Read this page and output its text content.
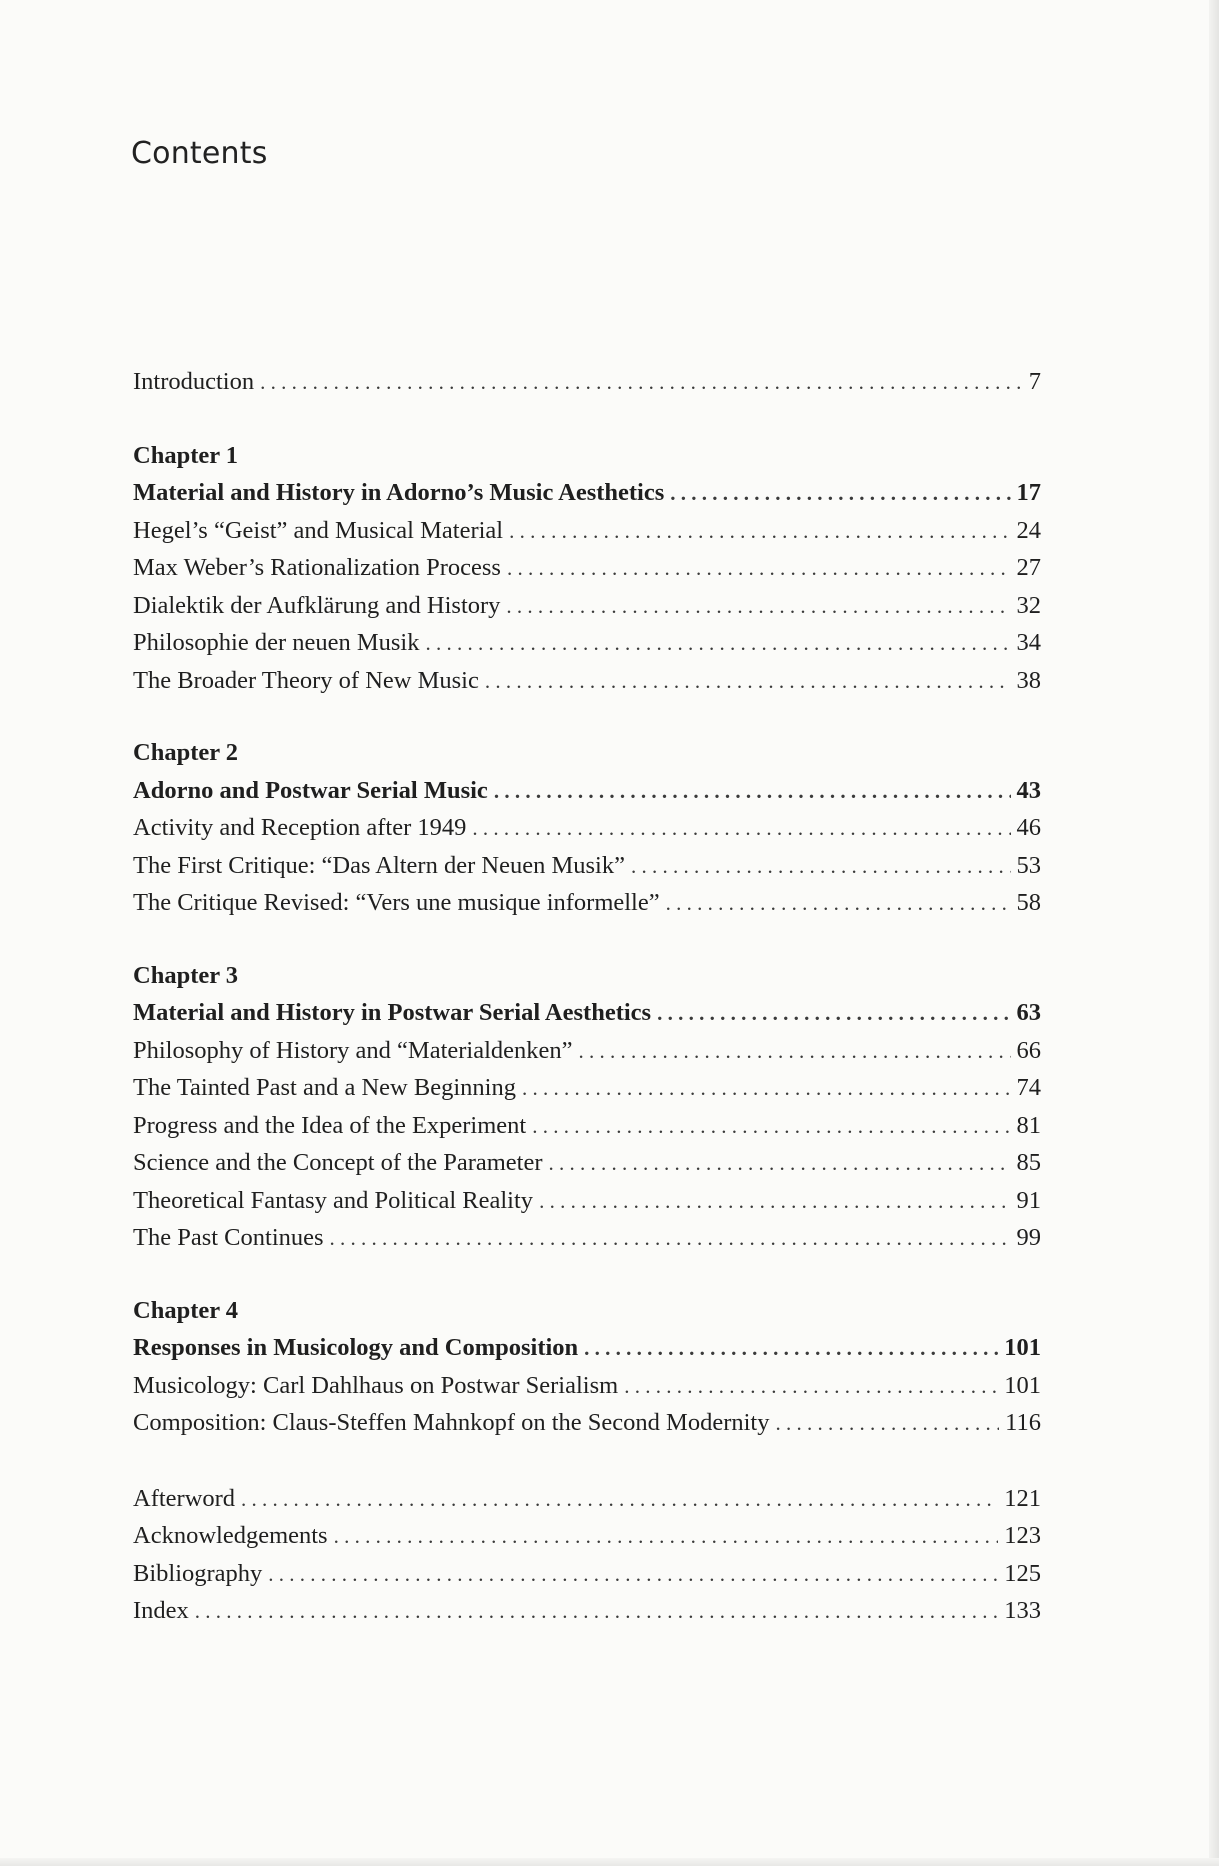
Contents
Introduction . . .	7
Chapter 1
Material and History in Adorno’s Music Aesthetics . . .	17
Hegel’s “Geist” and Musical Material . . .	24
Max Weber’s Rationalization Process . . .	27
Dialektik der Aufklärung and History . . .	32
Philosophie der neuen Musik . . .	34
The Broader Theory of New Music . . .	38
Chapter 2
Adorno and Postwar Serial Music . . .	43
Activity and Reception after 1949 . . .	46
The First Critique: “Das Altern der Neuen Musik” . . .	53
The Critique Revised: “Vers une musique informelle” . . .	58
Chapter 3
Material and History in Postwar Serial Aesthetics . . .	63
Philosophy of History and “Materialdenken” . . .	66
The Tainted Past and a New Beginning . . .	74
Progress and the Idea of the Experiment . . .	81
Science and the Concept of the Parameter . . .	85
Theoretical Fantasy and Political Reality . . .	91
The Past Continues . . .	99
Chapter 4
Responses in Musicology and Composition . . .	101
Musicology: Carl Dahlhaus on Postwar Serialism . . .	101
Composition: Claus-Steffen Mahnkopf on the Second Modernity . . .	116
Afterword . . .	121
Acknowledgements . . .	123
Bibliography . . .	125
Index . . .	133
